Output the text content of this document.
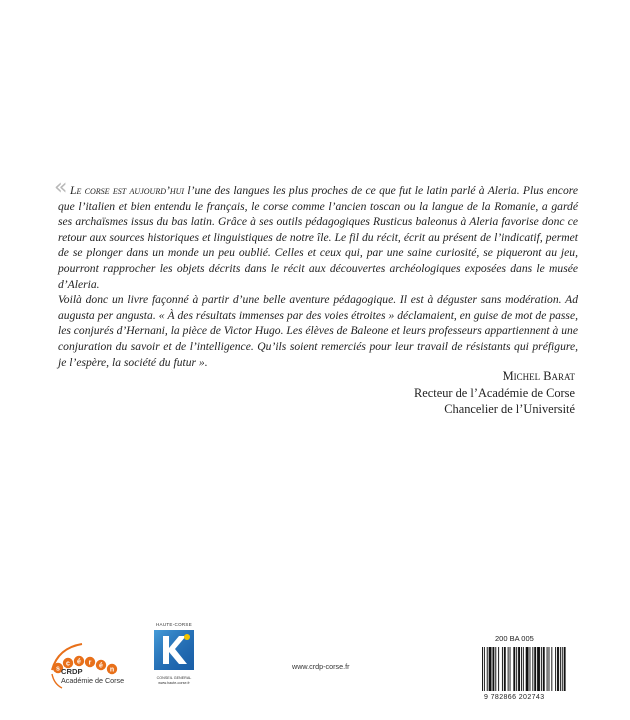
« Le corse est aujourd’hui l’une des langues les plus proches de ce que fut le latin parlé à Aleria. Plus encore que l’italien et bien entendu le français, le corse comme l’ancien toscan ou la langue de la Romanie, a gardé ses archaïsmes issus du bas latin. Grâce à ses outils pédagogiques Rusticus baleonus à Aleria favorise donc ce retour aux sources historiques et linguistiques de notre île. Le fil du récit, écrit au présent de l’indicatif, permet de se plonger dans un monde un peu oublié. Celles et ceux qui, par une saine curiosité, se piqueront au jeu, pourront rapprocher les objets décrits dans le récit aux découvertes archéologiques exposées dans le musée d’Aleria.

Voilà donc un livre façonné à partir d’une belle aventure pédagogique. Il est à déguster sans modération. Ad augusta per angusta. « À des résultats immenses par des voies étroites » déclamaient, en guise de mot de passe, les conjurés d’Hernani, la pièce de Victor Hugo. Les élèves de Baleone et leurs professeurs appartiennent à une conjuration du savoir et de l’intelligence. Qu’ils soient remerciés pour leur travail de résistants qui préfigure, je l’espère, la société du futur ».

Michel Barat
Recteur de l’Académie de Corse
Chancelier de l’Université
s
c é r é
n
CRDP
Académie de Corse
HAUTE-CORSE
CONSEIL GENERAL
www.haute-corse.fr
www.crdp-corse.fr
200 BA 005
9 782866 202743
